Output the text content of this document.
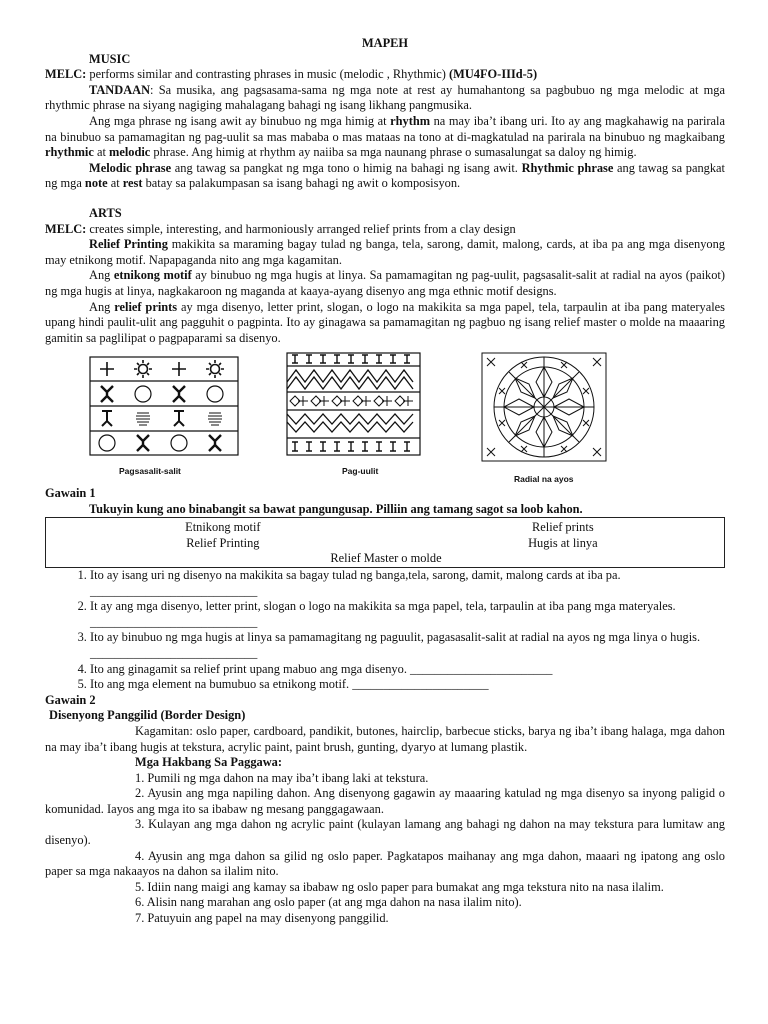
MAPEH

MUSIC

MELC: performs similar and contrasting phrases in music (melodic , Rhythmic) (MU4FO-IIId-5)

TANDAAN: Sa musika, ang pagsasama-sama ng mga note at rest ay humahantong sa pagbubuo ng mga melodic at mga rhythmic phrase na siyang nagiging mahalagang bahagi ng isang likhang pangmusika.

Ang mga phrase ng isang awit ay binubuo ng mga himig at rhythm na may iba’t ibang uri. Ito ay ang magkahawig na parirala na binubuo sa pamamagitan ng pag-uulit sa mas mababa o mas mataas na tono at di-magkatulad na parirala na binubuo ng magkaibang rhythmic at melodic phrase. Ang himig at rhythm ay naiiba sa mga naunang phrase o sumasalungat sa daloy ng himig.

Melodic phrase ang tawag sa pangkat ng mga tono o himig na bahagi ng isang awit. Rhythmic phrase ang tawag sa pangkat ng mga note at rest batay sa palakumpasan sa isang bahagi ng awit o komposisyon.

ARTS

MELC: creates simple, interesting, and harmoniously arranged relief prints from a clay design

Relief Printing makikita sa maraming bagay tulad ng banga, tela, sarong, damit, malong, cards, at iba pa ang mga disenyong may etnikong motif. Napapaganda nito ang mga kagamitan.

Ang etnikong motif ay binubuo ng mga hugis at linya. Sa pamamagitan ng pag-uulit, pagsasalit-salit at radial na ayos (paikot) ng mga hugis at linya, nagkakaroon ng maganda at kaaya-ayang disenyo ang mga ethnic motif designs.

Ang relief prints ay mga disenyo, letter print, slogan, o logo na makikita sa mga papel, tela, tarpaulin at iba pang materyales upang hindi paulit-ulit ang pagguhit o pagpinta. Ito ay ginagawa sa pamamagitan ng pagbuo ng isang relief master o molde na maaaring gamitin sa paglilipat o pagpaparami sa disenyo.

Pagsasalit-salit	Pag-uulit
Radial na ayos

Gawain 1

Tukuyin kung ano binabangit sa bawat pangungusap. Pilliin ang tamang sagot sa loob kahon.

Etnikong motif	Relief prints
Relief Printing	Hugis at linya
Relief Master o molde	
1. Ito ay isang uri ng disenyo na makikita sa bagay tulad ng banga,tela, sarong, damit, malong cards at iba pa. ___________________________
2. It ay ang mga disenyo, letter print, slogan o logo na makikita sa mga papel, tela, tarpaulin at iba pang mga materyales. ___________________________
3. Ito ay binubuo ng mga hugis at linya sa pamamagitang ng paguulit, pagasasalit-salit at radial na ayos ng mga linya o hugis. ___________________________
4. Ito ang ginagamit sa relief print upang mabuo ang mga disenyo. _______________________
5. Ito ang mga element na bumubuo sa etnikong motif. ______________________

Gawain 2

Disenyong Panggilid (Border Design)

Kagamitan: oslo paper, cardboard, pandikit, butones, hairclip, barbecue sticks, barya ng iba’t ibang halaga, mga dahon na may iba’t ibang hugis at tekstura, acrylic paint, paint brush, gunting, dyaryo at lumang plastik.

Mga Hakbang Sa Paggawa:

1. Pumili ng mga dahon na may iba’t ibang laki at tekstura.

2. Ayusin ang mga napiling dahon. Ang disenyong gagawin ay maaaring katulad ng mga disenyo sa inyong paligid o komunidad. Iayos ang mga ito sa ibabaw ng mesang panggagawaan.

3. Kulayan ang mga dahon ng acrylic paint (kulayan lamang ang bahagi ng dahon na may tekstura para lumitaw ang disenyo).

4. Ayusin ang mga dahon sa gilid ng oslo paper. Pagkatapos maihanay ang mga dahon, maaari ng ipatong ang oslo paper sa mga nakaayos na dahon sa ilalim nito.

5. Idiin nang maigi ang kamay sa ibabaw ng oslo paper para bumakat ang mga tekstura nito na nasa ilalim.

6. Alisin nang marahan ang oslo paper (at ang mga dahon na nasa ilalim nito).

7. Patuyuin ang papel na may disenyong panggilid.
